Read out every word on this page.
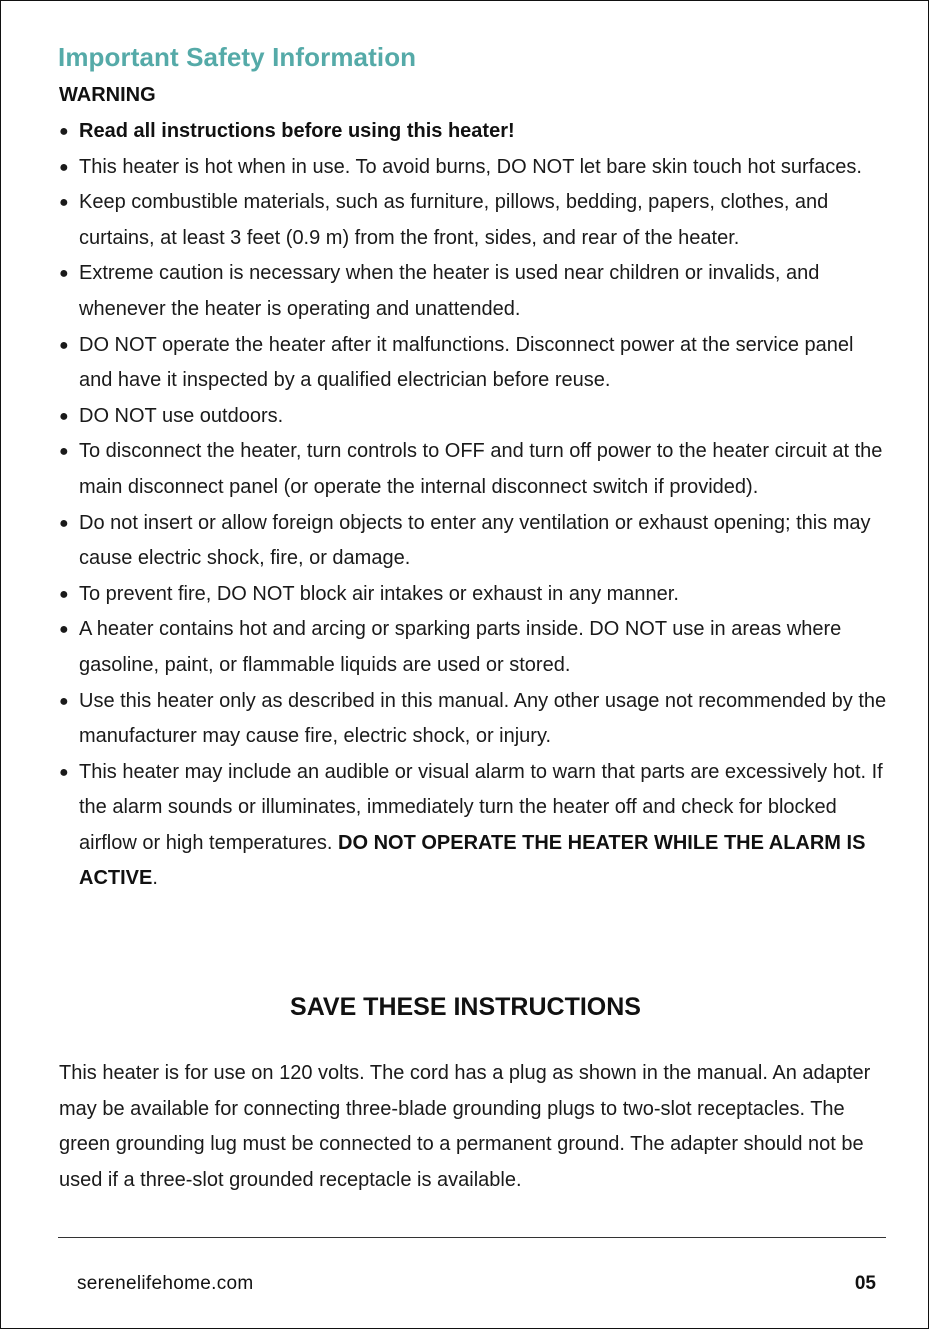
Important Safety Information
WARNING
● Read all instructions before using this heater!
● This heater is hot when in use. To avoid burns, DO NOT let bare skin touch hot surfaces.
● Keep combustible materials, such as furniture, pillows, bedding, papers, clothes, and curtains, at least 3 feet (0.9 m) from the front, sides, and rear of the heater.
● Extreme caution is necessary when the heater is used near children or invalids, and whenever the heater is operating and unattended.
● DO NOT operate the heater after it malfunctions. Disconnect power at the service panel and have it inspected by a qualified electrician before reuse.
● DO NOT use outdoors.
● To disconnect the heater, turn controls to OFF and turn off power to the heater circuit at the main disconnect panel (or operate the internal disconnect switch if provided).
● Do not insert or allow foreign objects to enter any ventilation or exhaust opening; this may cause electric shock, fire, or damage.
● To prevent fire, DO NOT block air intakes or exhaust in any manner.
● A heater contains hot and arcing or sparking parts inside. DO NOT use in areas where gasoline, paint, or flammable liquids are used or stored.
● Use this heater only as described in this manual. Any other usage not recommended by the manufacturer may cause fire, electric shock, or injury.
● This heater may include an audible or visual alarm to warn that parts are excessively hot. If the alarm sounds or illuminates, immediately turn the heater off and check for blocked airflow or high temperatures. DO NOT OPERATE THE HEATER WHILE THE ALARM IS ACTIVE.
SAVE THESE INSTRUCTIONS

This heater is for use on 120 volts. The cord has a plug as shown in the manual. An adapter may be available for connecting three-blade grounding plugs to two-slot receptacles. The green grounding lug must be connected to a permanent ground. The adapter should not be used if a three-slot grounded receptacle is available.

serenelifehome.com	05
